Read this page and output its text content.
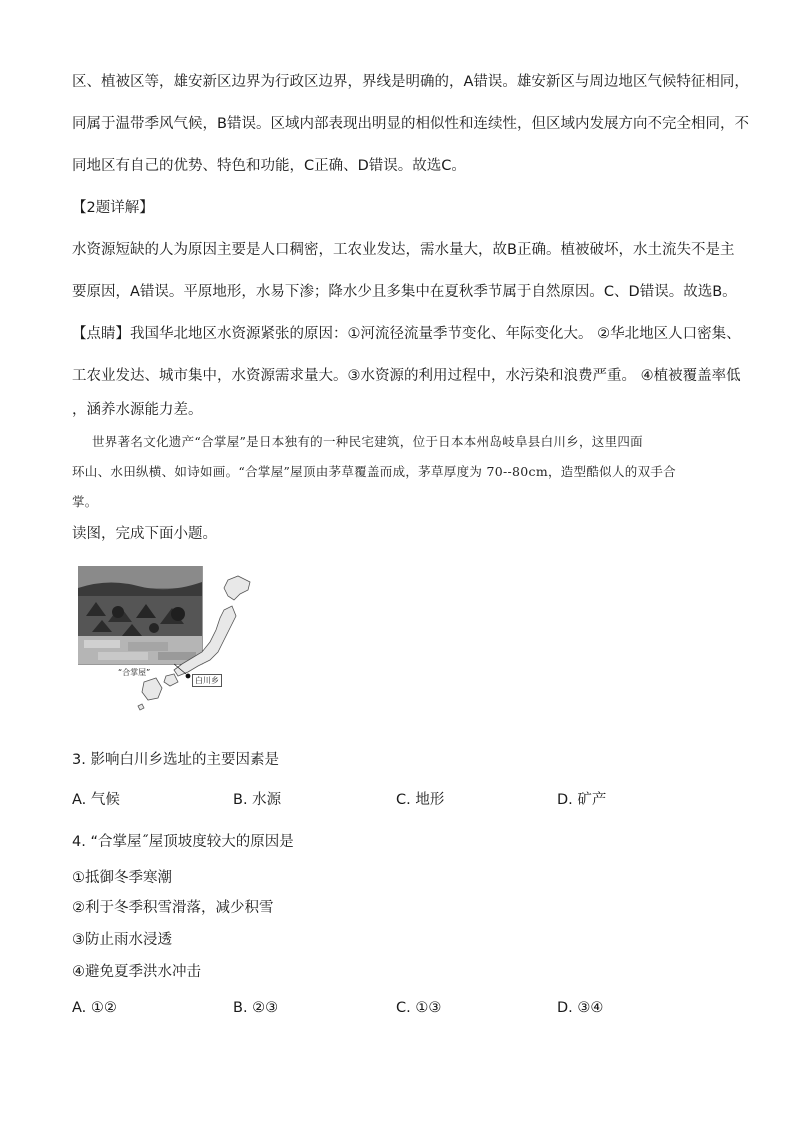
区、植被区等，雄安新区边界为行政区边界，界线是明确的，A错误。雄安新区与周边地区气候特征相同，
同属于温带季风气候，B错误。区域内部表现出明显的相似性和连续性，但区域内发展方向不完全相同，不
同地区有自己的优势、特色和功能，C正确、D错误。故选C。
【2题详解】
水资源短缺的人为原因主要是人口稠密，工农业发达，需水量大，故B正确。植被破坏，水土流失不是主
要原因，A错误。平原地形，水易下渗；降水少且多集中在夏秋季节属于自然原因。C、D错误。故选B。
【点睛】我国华北地区水资源紧张的原因：①河流径流量季节变化、年际变化大。 ②华北地区人口密集、
工农业发达、城市集中，水资源需求量大。③水资源的利用过程中，水污染和浪费严重。 ④植被覆盖率低
，涵养水源能力差。
世界著名文化遗产“合掌屋”是日本独有的一种民宅建筑，位于日本本州岛岐阜县白川乡，这里四面
环山、水田纵横、如诗如画。“合掌屋”屋顶由茅草覆盖而成，茅草厚度为 70--80cm，造型酷似人的双手合
掌。
读图，完成下面小题。
“合掌屋”
白川乡
3. 影响白川乡选址的主要因素是
A. 气候	B. 水源	C. 地形	D. 矿产
4. “合掌屋˝屋顶坡度较大的原因是
①抵御冬季寒潮
②利于冬季积雪滑落，减少积雪
③防止雨水浸透
④避免夏季洪水冲击
A. ①②	B. ②③	C. ①③	D. ③④
